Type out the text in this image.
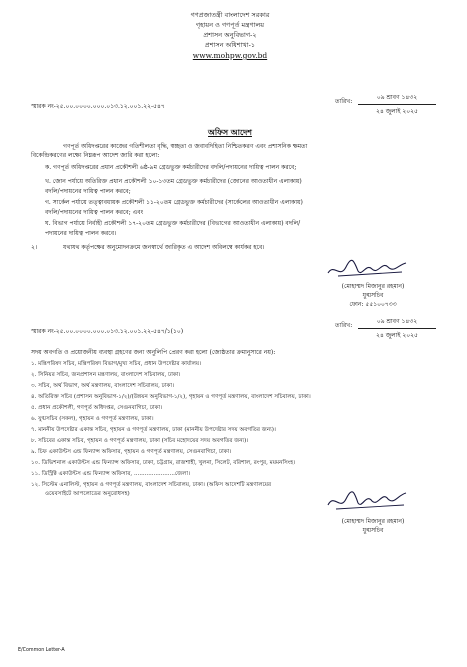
গণপ্রজাতন্ত্রী বাংলাদেশ সরকার
গৃহায়ন ও গণপূর্ত মন্ত্রণালয়
প্রশাসন অনুবিভাগ-২
প্রশাসন অধিশাখা-১
www.mohpw.gov.bd
স্মারক নং-২৫.০০.০০০০.০০০.০১৩.১২.০০১.২২-৫৪৭
তারিখ:
০৯ শ্রাবণ ১৪৩২
২৪ জুলাই ২০২৫
অফিস আদেশ
গণপূর্ত অধিদপ্তরের কাজের গতিশীলতা বৃদ্ধি, স্বচ্ছতা ও জবাবদিহিতা নিশ্চিতকরণ এবং প্রশাসনিক ক্ষমতা
বিকেন্দ্রিকরণের লক্ষ্যে নিম্নরূপ আদেশ জারি করা হলো:
ক. গণপূর্ত অধিদপ্তরের প্রধান প্রকৌশলী ৬ষ্ঠ-৯ম গ্রেডভুক্ত কর্মচারীদের বদলি/পদায়নের দায়িত্ব পালন করবে;
খ. জোন পর্যায়ে অতিরিক্ত প্রধান প্রকৌশলী ১০-১৩তম গ্রেডভুক্ত কর্মচারীদের (জোনের আওতাধীন এলাকায়)
বদলি/পদায়নের দায়িত্ব পালন করবে;
গ. সার্কেল পর্যায়ে তত্ত্বাবধায়ক প্রকৌশলী ১১-২০তম গ্রেডভুক্ত কর্মচারীদের (সার্কেলের আওতাধীন এলাকায়)
বদলি/পদায়নের দায়িত্ব পালন করবে; এবং
ঘ. বিভাগ পর্যায়ে নির্বাহী প্রকৌশলী ১৭-২০তম গ্রেডভুক্ত কর্মচারীদের (বিভাগের আওতাধীন এলাকায়) বদলি/
পদায়নের দায়িত্ব পালন করবে।
২।	যথাযথ কর্তৃপক্ষের অনুমোদনক্রমে জনস্বার্থে জারিকৃত এ আদেশ অবিলম্বে কার্যকর হবে।
(মোহাম্মদ মিজানুর রহমান)
যুগ্মসচিব
ফোন: ৫৫১০০৭৩৩
স্মারক নং-২৫.০০.০০০০.০০০.০১৩.১২.০০১.২২-৫৪৭/১(১০)
তারিখ:
০৯ শ্রাবণ ১৪৩২
২৪ জুলাই ২০২৫
সদয় অবগতি ও প্রয়োজনীয় ব্যবস্থা গ্রহণের জন্য অনুলিপি প্রেরণ করা হলো (জ্যেষ্ঠতার ক্রমানুসারে নয়):
১. মন্ত্রিপরিষদ সচিব, মন্ত্রিপরিষদ বিভাগ/মুখ্য সচিব, প্রধান উপদেষ্টার কার্যালয়।
২. সিনিয়র সচিব, জনপ্রশাসন মন্ত্রণালয়, বাংলাদেশ সচিবালয়, ঢাকা।
৩. সচিব, অর্থ বিভাগ, অর্থ মন্ত্রণালয়, বাংলাদেশ সচিবালয়, ঢাকা।
৪. অতিরিক্ত সচিব (প্রশাসন অনুবিভাগ-১/২)/(উন্নয়ন অনুবিভাগ-১/২), গৃহায়ন ও গণপূর্ত মন্ত্রণালয়, বাংলাদেশ সচিবালয়, ঢাকা।
৫. প্রধান প্রকৌশলী, গণপূর্ত অধিদপ্তর, সেগুনবাগিচা, ঢাকা।
৬. যুগ্মসচিব (সকল), গৃহায়ন ও গণপূর্ত মন্ত্রণালয়, ঢাকা।
৭. মাননীয় উপদেষ্টার একান্ত সচিব, গৃহায়ন ও গণপূর্ত মন্ত্রণালয়, ঢাকা (মাননীয় উপদেষ্টার সদয় অবগতির জন্য)।
৮. সচিবের একান্ত সচিব, গৃহায়ন ও গণপূর্ত মন্ত্রণালয়, ঢাকা (সচিব মহোদয়ের সদয় অবগতির জন্য)।
৯. চিফ একাউন্টস এন্ড ফিন্যান্স অফিসার, গৃহায়ন ও গণপূর্ত মন্ত্রণালয়, সেগুনবাগিচা, ঢাকা।
১০. ডিভিশনাল একাউন্টস এন্ড ফিন্যান্স অফিসার, ঢাকা, চট্টগ্রাম, রাজশাহী, খুলনা, সিলেট, বরিশাল, রংপুর, ময়মনসিংহ।
১১. ডিস্ট্রিক্ট একাউন্টস এন্ড ফিন্যান্স অফিসার, .......................জেলা।
১২. সিস্টেম এনালিস্ট, গৃহায়ন ও গণপূর্ত মন্ত্রণালয়, বাংলাদেশ সচিবালয়, ঢাকা। (অফিস আদেশটি মন্ত্রণালয়ের
ওয়েবসাইটে আপলোডের অনুরোধসহ)
(মোহাম্মদ মিজানুর রহমান)
যুগ্মসচিব
E/Common Letter-A
